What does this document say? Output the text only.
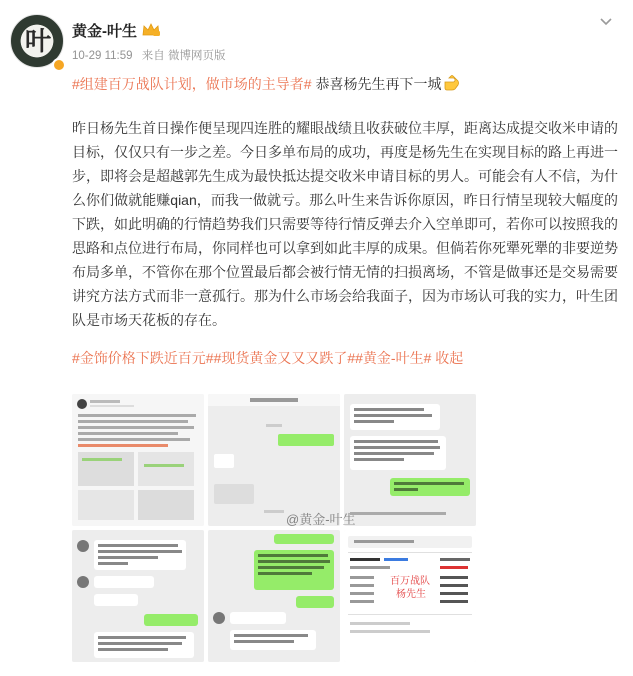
叶	黄金-叶生
10-29 11:59 来自 微博网页版
#组建百万战队计划，做市场的主导者# 恭喜杨先生再下一城
昨日杨先生首日操作便呈现四连胜的耀眼战绩且收获破位丰厚，距离达成提交收米申请的目标，仅仅只有一步之差。今日多单布局的成功，再度是杨先生在实现目标的路上再进一步，即将会是超越郭先生成为最快抵达提交收米申请目标的男人。可能会有人不信，为什么你们做就能赚qian，而我一做就亏。那么叶生来告诉你原因，昨日行情呈现较大幅度的下跌，如此明确的行情趋势我们只需要等待行情反弹去介入空单即可，若你可以按照我的思路和点位进行布局，你同样也可以拿到如此丰厚的成果。但倘若你死犟死犟的非要逆势布局多单，不管你在那个位置最后都会被行情无情的扫损离场，不管是做事还是交易需要讲究方法方式而非一意孤行。那为什么市场会给我面子，因为市场认可我的实力，叶生团队是市场天花板的存在。
#金饰价格下跌近百元##现货黄金又又又跌了##黄金-叶生# 收起
百万战队
杨先生
@黄金-叶生
